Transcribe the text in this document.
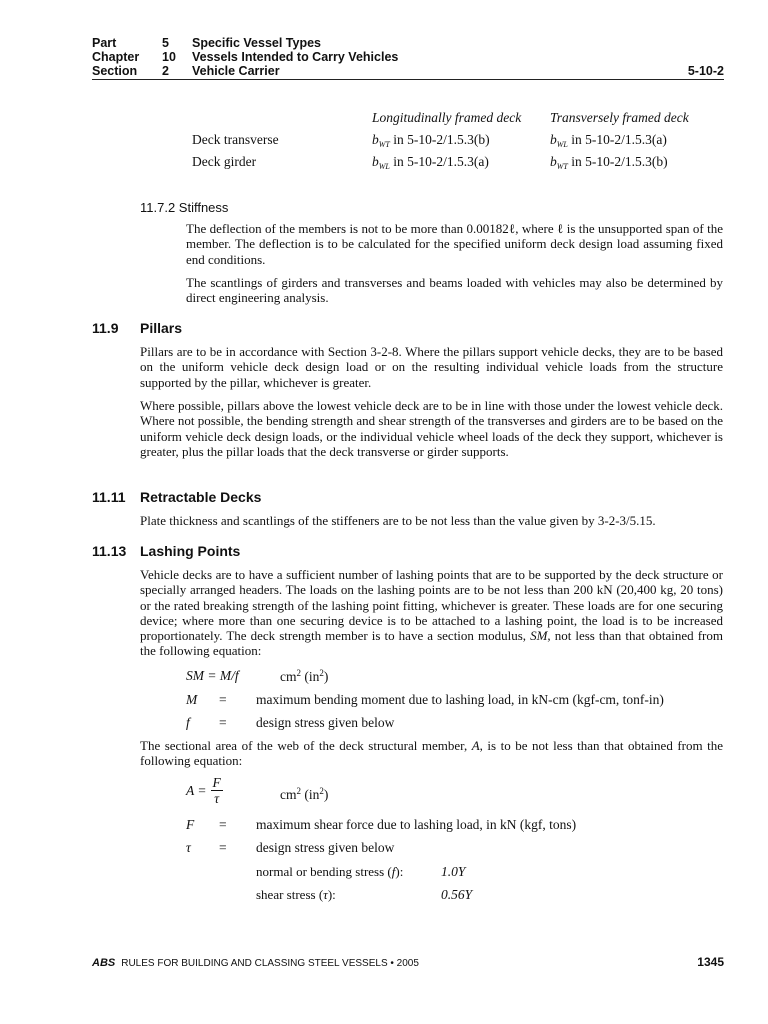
Part	5	Specific Vessel Types
Chapter	10	Vessels Intended to Carry Vehicles
Section	2	Vehicle Carrier	5-10-2
	Longitudinally framed deck	Transversely framed deck
Deck transverse	$b_{WT}$ in 5-10-2/1.5.3(b)	$b_{WL}$ in 5-10-2/1.5.3(a)
Deck girder	$b_{WL}$ in 5-10-2/1.5.3(a)	$b_{WT}$ in 5-10-2/1.5.3(b)
11.7.2 Stiffness
The deflection of the members is not to be more than 0.00182ℓ, where ℓ is the unsupported span of the member. The deflection is to be calculated for the specified uniform deck design load assuming fixed end conditions.
The scantlings of girders and transverses and beams loaded with vehicles may also be determined by direct engineering analysis.
11.9 Pillars
Pillars are to be in accordance with Section 3-2-8. Where the pillars support vehicle decks, they are to be based on the uniform vehicle deck design load or on the resulting individual vehicle loads from the structure supported by the pillar, whichever is greater.
Where possible, pillars above the lowest vehicle deck are to be in line with those under the lowest vehicle deck. Where not possible, the bending strength and shear strength of the transverses and girders are to be based on the uniform vehicle deck design loads, or the individual vehicle wheel loads of the deck they support, whichever is greater, plus the pillar loads that the deck transverse or girder supports.
11.11 Retractable Decks
Plate thickness and scantlings of the stiffeners are to be not less than the value given by 3-2-3/5.15.
11.13 Lashing Points
Vehicle decks are to have a sufficient number of lashing points that are to be supported by the deck structure or specially arranged headers. The loads on the lashing points are to be not less than 200 kN (20,400 kg, 20 tons) or the rated breaking strength of the lashing point fitting, whichever is greater. These loads are for one securing device; where more than one securing device is to be attached to a lashing point, the load is to be increased proportionately. The deck strength member is to have a section modulus, SM, not less than that obtained from the following equation:
SM = M/f	$cm^2$ $(in^2)$
M = maximum bending moment due to lashing load, in kN-cm (kgf-cm, tonf-in)
f = design stress given below
The sectional area of the web of the deck structural member, A, is to be not less than that obtained from the following equation:
$A = \frac{F}{\tau}$	$cm^2$ $(in^2)$
F = maximum shear force due to lashing load, in kN (kgf, tons)
τ = design stress given below
normal or bending stress (f):	1.0Y
shear stress (τ):	0.56Y
ABS RULES FOR BUILDING AND CLASSING STEEL VESSELS • 2005	1345
